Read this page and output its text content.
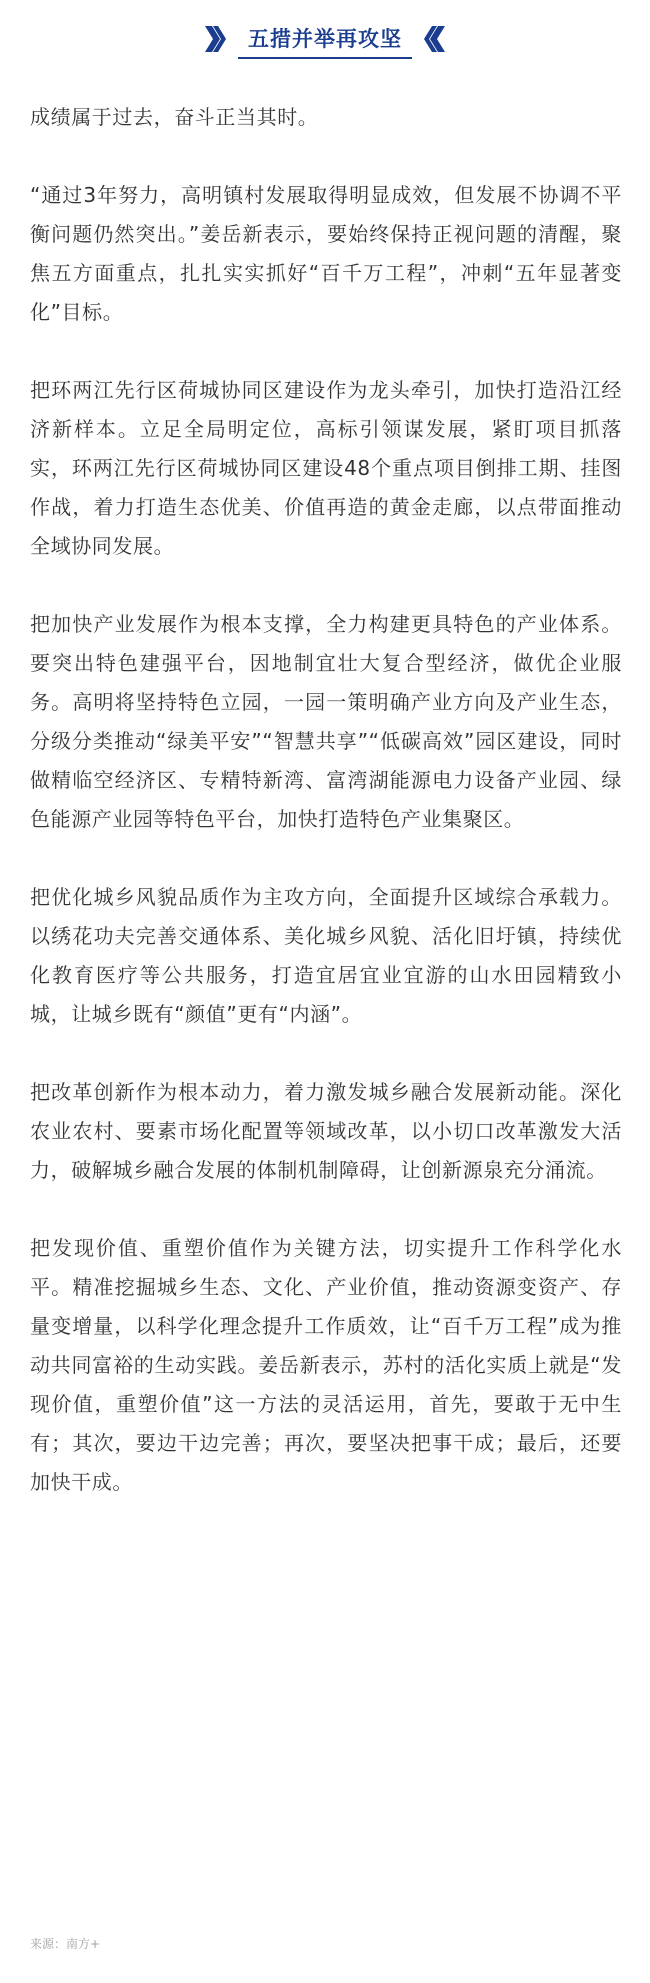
五措并举再攻坚

成绩属于过去，奋斗正当其时。

“通过3年努力，高明镇村发展取得明显成效，但发展不协调不平衡问题仍然突出。”姜岳新表示，要始终保持正视问题的清醒，聚焦五方面重点，扎扎实实抓好“百千万工程”，冲刺“五年显著变化”目标。

把环两江先行区荷城协同区建设作为龙头牵引，加快打造沿江经济新样本。立足全局明定位，高标引领谋发展，紧盯项目抓落实，环两江先行区荷城协同区建设48个重点项目倒排工期、挂图作战，着力打造生态优美、价值再造的黄金走廊，以点带面推动全域协同发展。

把加快产业发展作为根本支撑，全力构建更具特色的产业体系。要突出特色建强平台，因地制宜壮大复合型经济，做优企业服务。高明将坚持特色立园，一园一策明确产业方向及产业生态，分级分类推动“绿美平安”“智慧共享”“低碳高效”园区建设，同时做精临空经济区、专精特新湾、富湾湖能源电力设备产业园、绿色能源产业园等特色平台，加快打造特色产业集聚区。

把优化城乡风貌品质作为主攻方向，全面提升区域综合承载力。以绣花功夫完善交通体系、美化城乡风貌、活化旧圩镇，持续优化教育医疗等公共服务，打造宜居宜业宜游的山水田园精致小城，让城乡既有“颜值”更有“内涵”。

把改革创新作为根本动力，着力激发城乡融合发展新动能。深化农业农村、要素市场化配置等领域改革，以小切口改革激发大活力，破解城乡融合发展的体制机制障碍，让创新源泉充分涌流。

把发现价值、重塑价值作为关键方法，切实提升工作科学化水平。精准挖掘城乡生态、文化、产业价值，推动资源变资产、存量变增量，以科学化理念提升工作质效，让“百千万工程”成为推动共同富裕的生动实践。姜岳新表示，苏村的活化实质上就是“发现价值，重塑价值”这一方法的灵活运用，首先，要敢于无中生有；其次，要边干边完善；再次，要坚决把事干成；最后，还要加快干成。

来源：南方+
